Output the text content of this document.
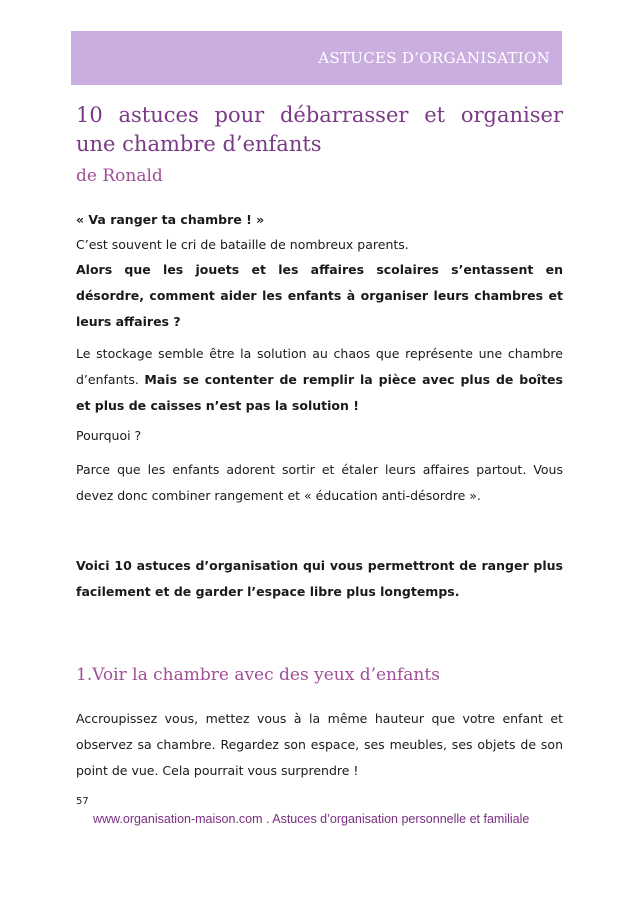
ASTUCES D’ORGANISATION
10 astuces pour débarrasser et organiser une chambre d’enfants

de Ronald

« Va ranger ta chambre ! »

C’est souvent le cri de bataille de nombreux parents.

Alors que les jouets et les affaires scolaires s’entassent en désordre, comment aider les enfants à organiser leurs chambres et leurs affaires ?

Le stockage semble être la solution au chaos que représente une chambre d’enfants. Mais se contenter de remplir la pièce avec plus de boîtes et plus de caisses n’est pas la solution !

Pourquoi ?

Parce que les enfants adorent sortir et étaler leurs affaires partout. Vous devez donc combiner rangement et « éducation anti-désordre ».

Voici 10 astuces d’organisation qui vous permettront de ranger plus facilement et de garder l’espace libre plus longtemps.

1.Voir la chambre avec des yeux d’enfants

Accroupissez vous, mettez vous à la même hauteur que votre enfant et observez sa chambre. Regardez son espace, ses meubles, ses objets de son point de vue. Cela pourrait vous surprendre !

57
www.organisation-maison.com . Astuces d’organisation personnelle et familiale
